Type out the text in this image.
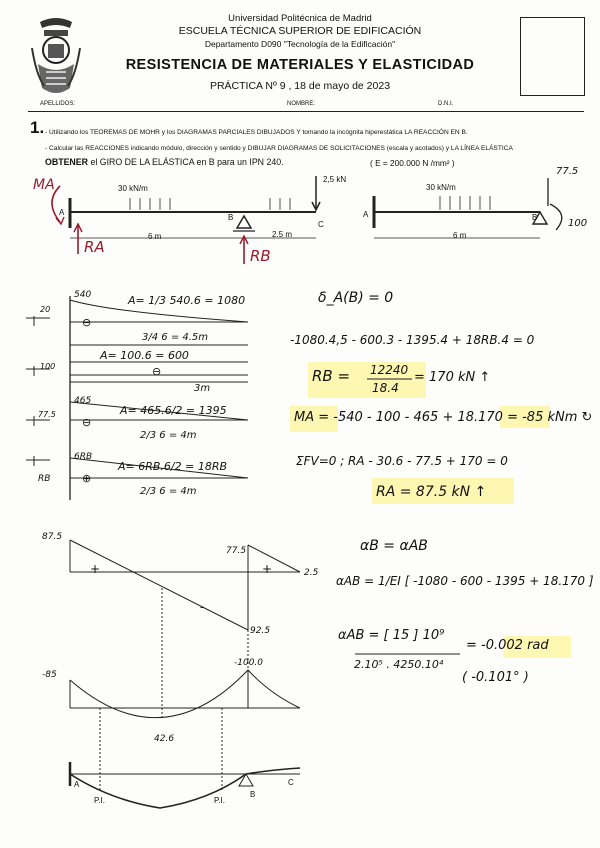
Universidad Politécnica de Madrid
ESCUELA TÉCNICA SUPERIOR DE EDIFICACIÓN
Departamento D090 "Tecnología de la Edificación"
RESISTENCIA DE MATERIALES Y ELASTICIDAD
PRÁCTICA Nº 9 , 18 de mayo de 2023
APELLIDOS:	NOMBRE:	D.N.I.
1. - Utilizando los TEOREMAS DE MOHR y los DIAGRAMAS PARCIALES DIBUJADOS Y tomando la incógnita hiperestática LA REACCIÓN EN B.
- Calcular las REACCIONES indicando módulo, dirección y sentido y DIBUJAR DIAGRAMAS DE SOLICITACIONES (escala y acotados) y LA LÍNEA ELÁSTICA
OBTENER el GIRO DE LA ELÁSTICA en B para un IPN 240.	( E = 200.000 N /mm² )
30 kN/m
2,5 kN
A
B
C
6 m	2.5 m
MA
RA	RB
30 kN/m
A	B
6 m
77.5
100
20
540
⊖
A= 1/3 540.6 = 1080
3/4 6 = 4.5m
100	⊖
A= 100.6 = 600
3m
77.5
465
⊖
A= 465.6/2 = 1395
2/3 6 = 4m
RB
6RB
⊕
A= 6RB.6/2 = 18RB
2/3 6 = 4m
δ_A(B) = 0
-1080.4,5 - 600.3 - 1395.4 + 18RB.4 = 0
RB = 12240
18.4
= 170 kN ↑
MA = -540 - 100 - 465 + 18.170 = -85 kNm ↻
ΣFV=0 ; RA - 30.6 - 77.5 + 170 = 0
RA = 87.5 kN ↑
αB = αAB
αAB = 1/EI [ -1080 - 600 - 1395 + 18.170 ]
αAB = [ 15 ] 10⁹
2.10⁵ . 4250.10⁴
= -0.002 rad
( -0.101° )
87.5
77.5
92.5
2.5
+	+
-
-85
-100.0
42.6
A
B
C
P.I.	P.I.
